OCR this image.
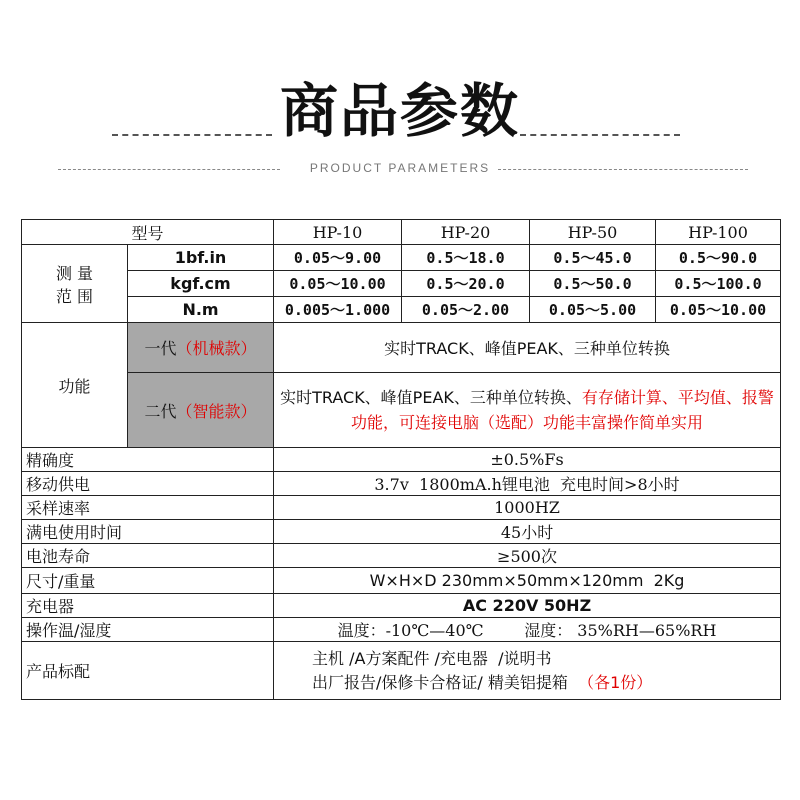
商品参数
PRODUCT PARAMETERS
型号		HP-10	HP-20	HP-50	HP-100

测 量
范 围	1bf.in	0.05～9.00	0.5～18.0	0.5～45.0	0.5～90.0
	kgf.cm	0.05～10.00	0.5～20.0	0.5～50.0	0.5～100.0
	N.m	0.005～1.000	0.05～2.00	0.05～5.00	0.05～10.00
功能	一代（机械款）	实时TRACK、峰值PEAK、三种单位转换			
	二代（智能款）	实时TRACK、峰值PEAK、三种单位转换、有存储计算、平均值、报警功能，可连接电脑（选配）功能丰富操作简单实用			
精确度		±0.5%Fs			
移动供电		3.7v  1800mA.h锂电池  充电时间>8小时			
采样速率		1000HZ			
满电使用时间		45小时			
电池寿命		≥500次			
尺寸/重量		W×H×D 230mm×50mm×120mm  2Kg			
充电器		AC 220V 50HZ			
操作温/湿度		温度：-10℃—40℃        湿度： 35%RH—65%RH			
产品标配		主机 /A方案配件 /充电器  /说明书
出厂报告/保修卡合格证/ 精美铝提箱  （各1份）			
